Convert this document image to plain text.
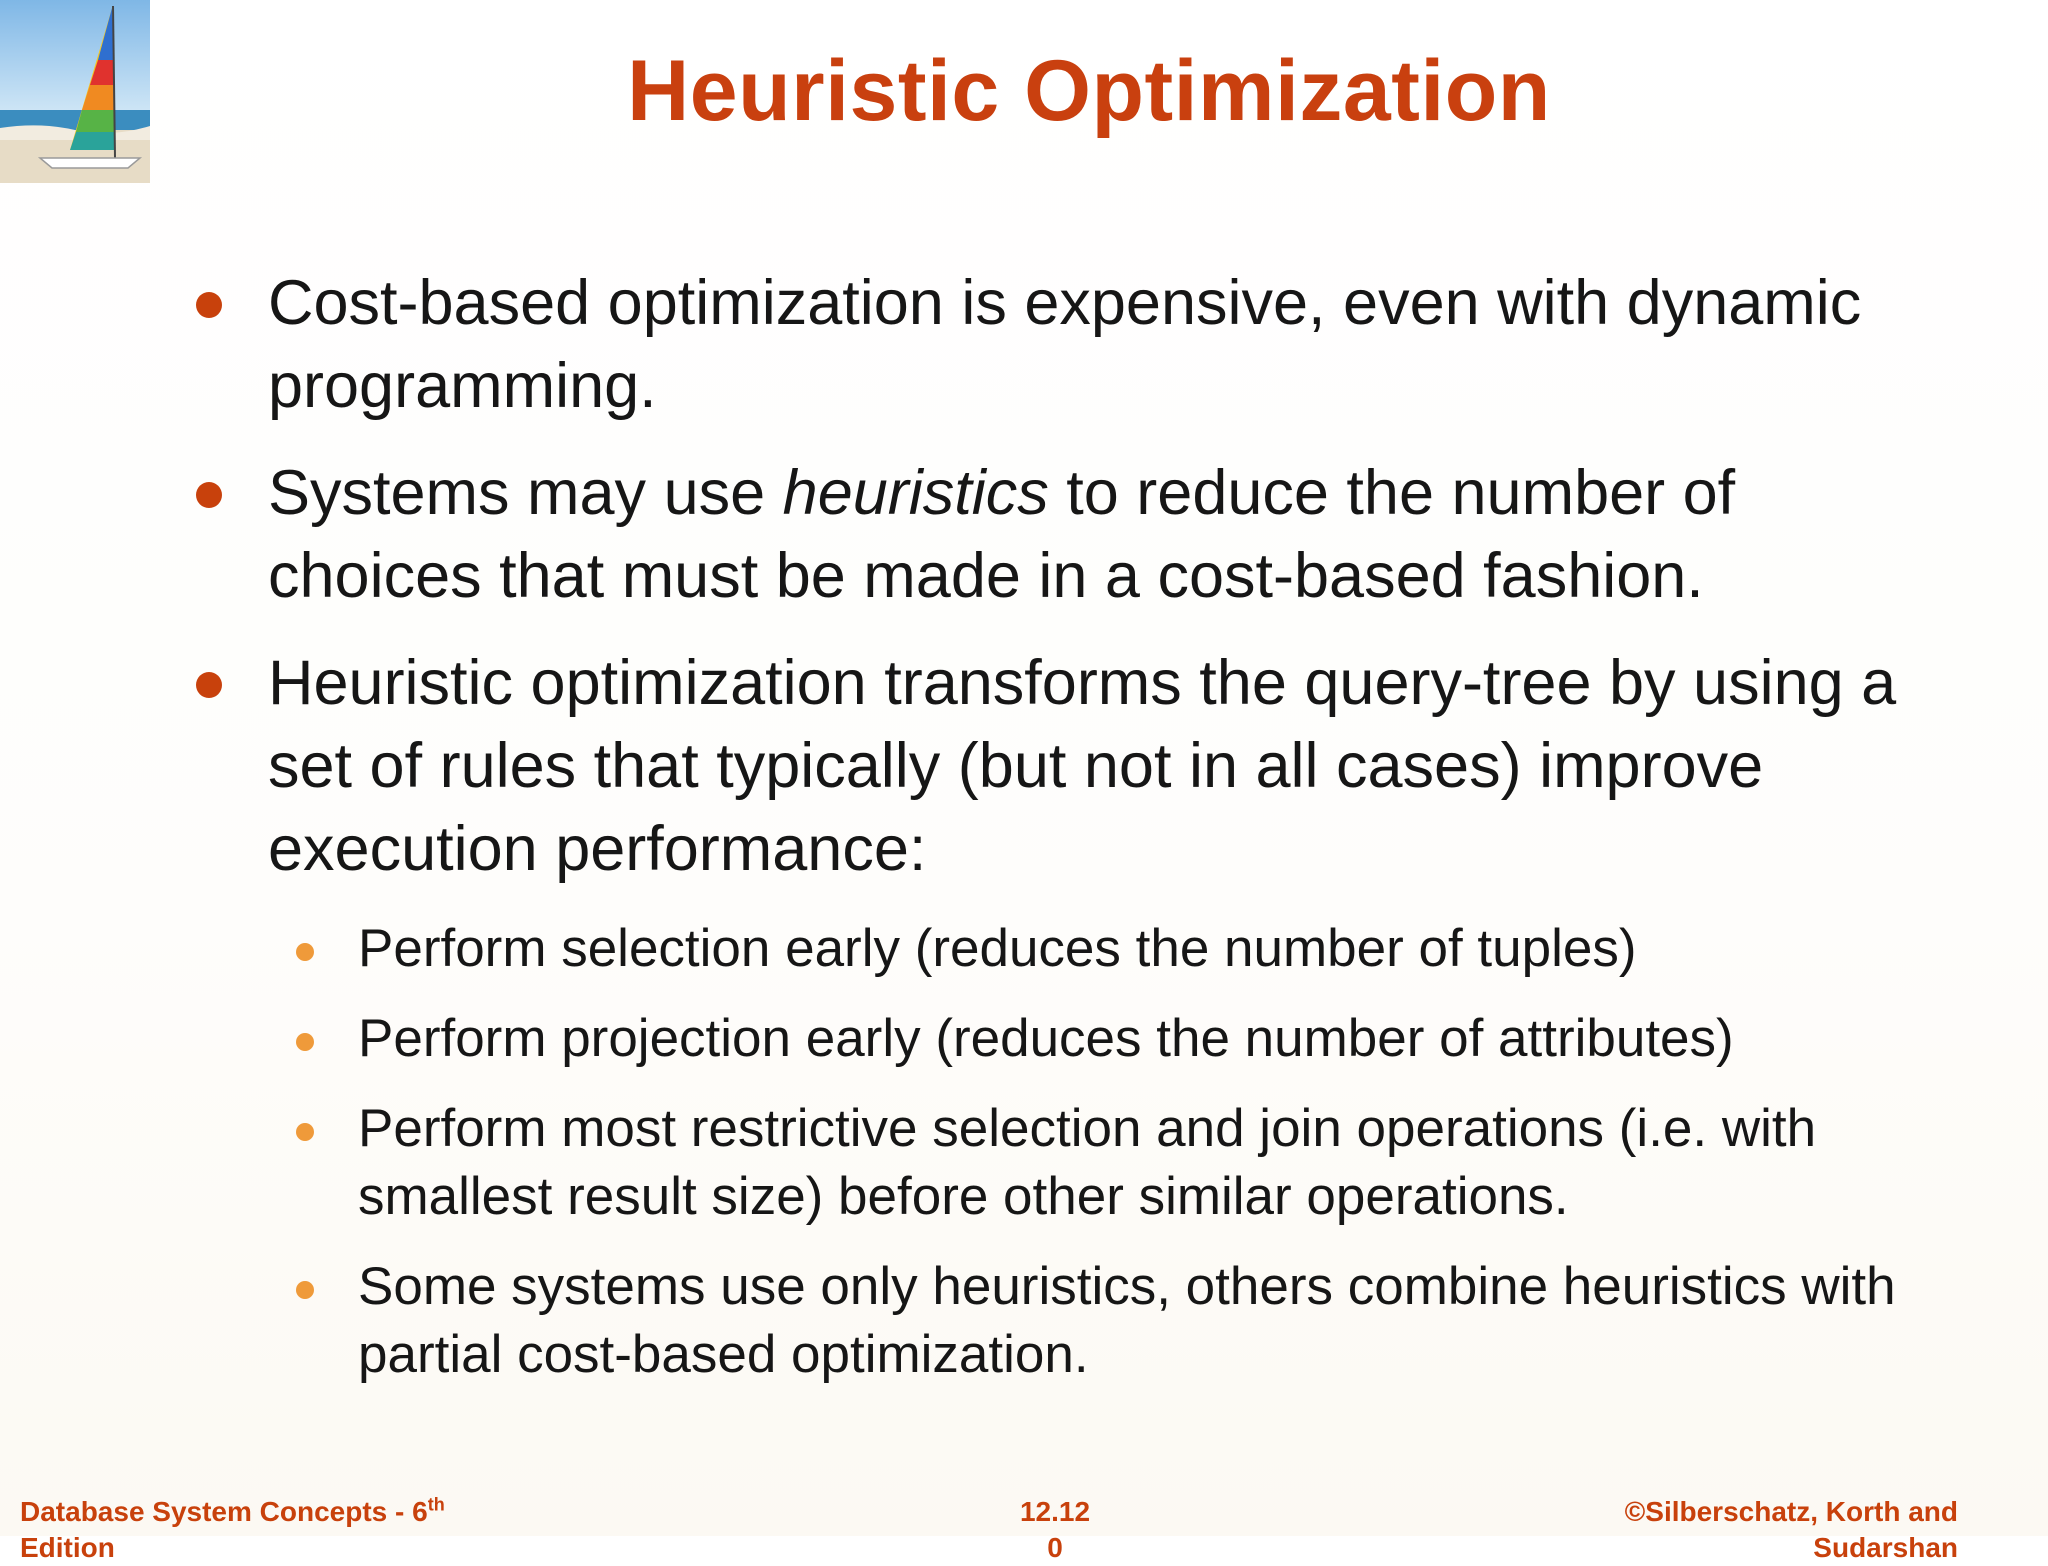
Heuristic Optimization
Cost-based optimization is expensive, even with dynamic programming.
Systems may use heuristics to reduce the number of choices that must be made in a cost-based fashion.
Heuristic optimization transforms the query-tree by using a set of rules that typically (but not in all cases) improve execution performance:
Perform selection early (reduces the number of tuples)
Perform projection early (reduces the number of attributes)
Perform most restrictive selection and join operations (i.e. with smallest result size) before other similar operations.
Some systems use only heuristics, others combine heuristics with partial cost-based optimization.
Database System Concepts - 6th
Edition
12.12
0
©Silberschatz, Korth and
Sudarshan
